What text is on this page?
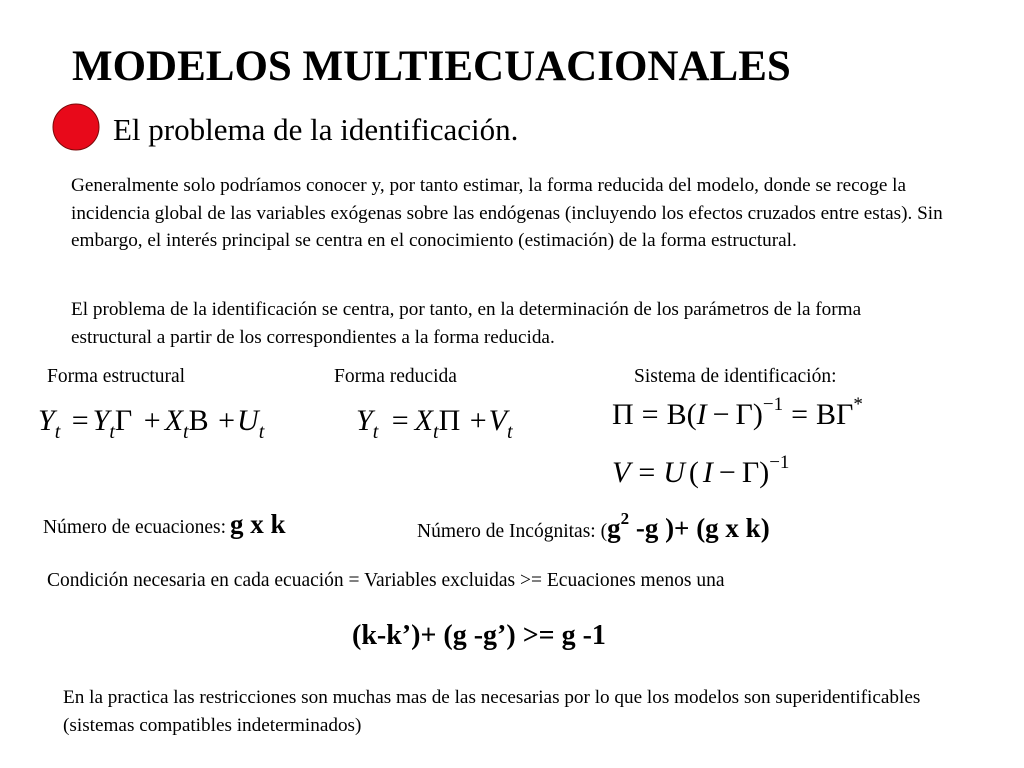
MODELOS MULTIECUACIONALES
El problema de la identificación.
Generalmente solo podríamos conocer y, por tanto estimar, la forma reducida del modelo, donde se recoge la incidencia global de las variables exógenas sobre las endógenas (incluyendo los efectos cruzados entre estas). Sin embargo, el interés principal se centra en el conocimiento (estimación) de la forma estructural.
El problema de la identificación se centra, por tanto, en la determinación de los parámetros de la forma estructural a partir de los correspondientes a la forma reducida.
Forma estructural	Forma reducida	Sistema de identificación:
$Y_t = Y_t\Gamma + X_tB +U_t$	$Y_t = X_t\Pi +V_t$
$\Pi = B(I - \Gamma)^{-1} = B\Gamma^*$
V = U ( I − Γ)$^{-1}$
Número de ecuaciones: g x k	Número de Incógnitas: (g2 -g )+ (g x k)
Condición necesaria en cada ecuación = Variables excluidas >= Ecuaciones menos una
(k-k’)+ (g -g’) >= g -1
En la practica las restricciones son muchas mas de las necesarias por lo que los modelos son superidentificables (sistemas compatibles indeterminados)
